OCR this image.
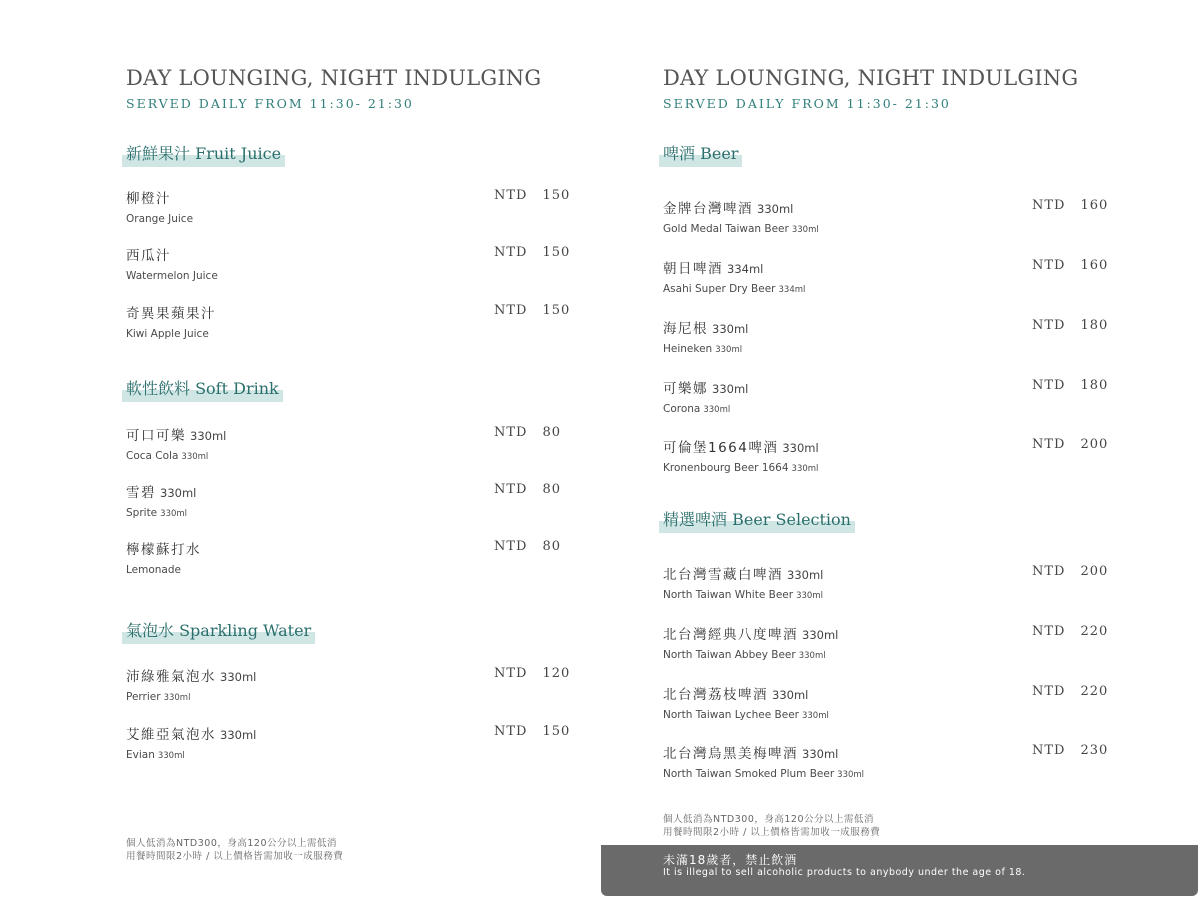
DAY LOUNGING, NIGHT INDULGING
SERVED DAILY FROM 11:30- 21:30
新鮮果汁 Fruit Juice
柳橙汁
Orange Juice
NTD 150
西瓜汁
Watermelon Juice
NTD 150
奇異果蘋果汁
Kiwi Apple Juice
NTD 150
軟性飲料 Soft Drink
可口可樂 330ml
Coca Cola 330ml
NTD 80
雪碧 330ml
Sprite 330ml
NTD 80
檸檬蘇打水
Lemonade
NTD 80
氣泡水 Sparkling Water
沛綠雅氣泡水 330ml
Perrier 330ml
NTD 120
艾維亞氣泡水 330ml
Evian 330ml
NTD 150
個人低消為NTD300，身高120公分以上需低消
用餐時間限2小時 / 以上價格皆需加收一成服務費
DAY LOUNGING, NIGHT INDULGING
SERVED DAILY FROM 11:30- 21:30
啤酒 Beer
金牌台灣啤酒 330ml
Gold Medal Taiwan Beer 330ml
NTD 160
朝日啤酒 334ml
Asahi Super Dry Beer 334ml
NTD 160
海尼根 330ml
Heineken 330ml
NTD 180
可樂娜 330ml
Corona 330ml
NTD 180
可倫堡1664啤酒 330ml
Kronenbourg Beer 1664 330ml
NTD 200
精選啤酒 Beer Selection
北台灣雪藏白啤酒 330ml
North Taiwan White Beer 330ml
NTD 200
北台灣經典八度啤酒 330ml
North Taiwan Abbey Beer 330ml
NTD 220
北台灣荔枝啤酒 330ml
North Taiwan Lychee Beer 330ml
NTD 220
北台灣烏黑美梅啤酒 330ml
North Taiwan Smoked Plum Beer 330ml
NTD 230
個人低消為NTD300，身高120公分以上需低消
用餐時間限2小時 / 以上價格皆需加收一成服務費
未滿18歲者，禁止飲酒
It is illegal to sell alcoholic products to anybody under the age of 18.
